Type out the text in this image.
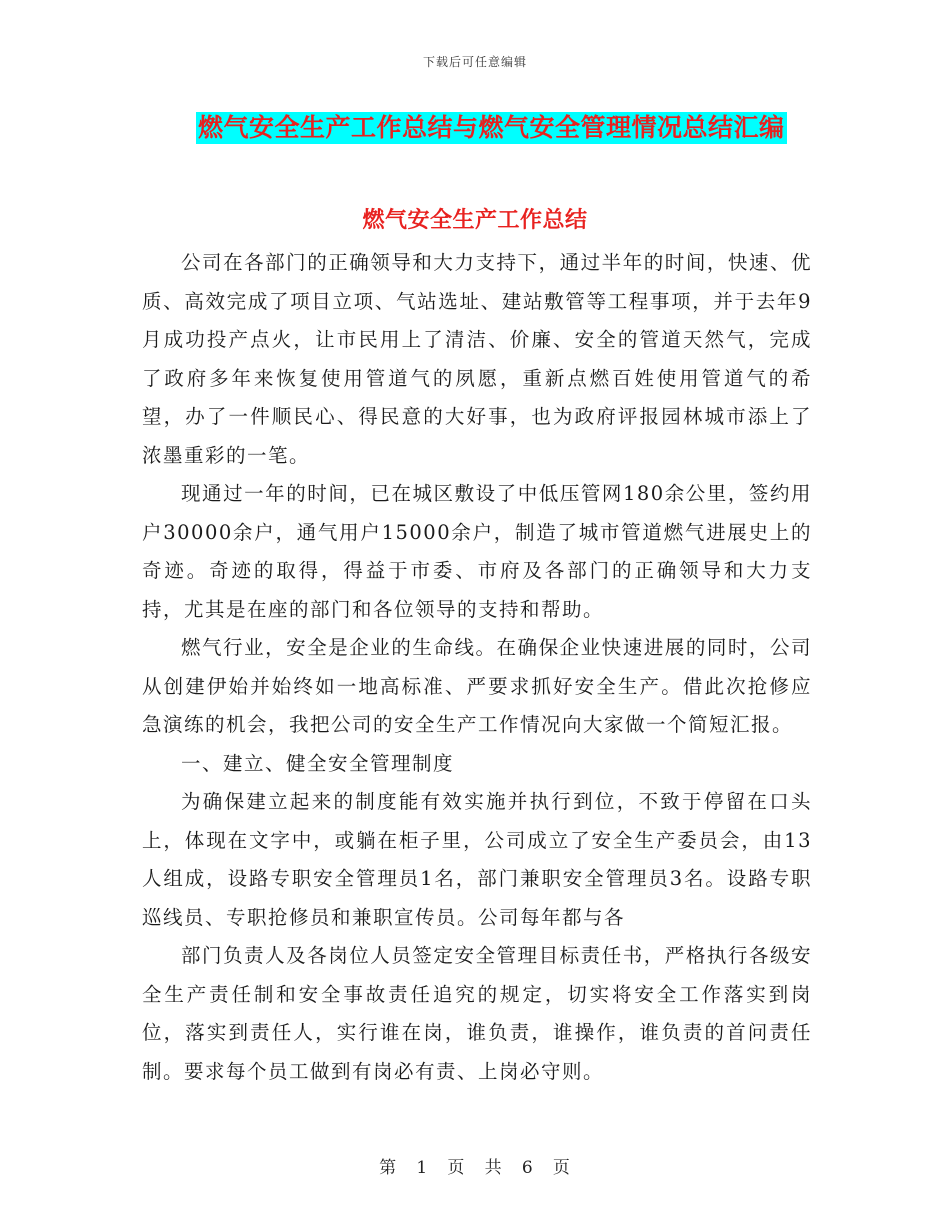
下载后可任意编辑
燃气安全生产工作总结与燃气安全管理情况总结汇编
燃气安全生产工作总结

公司在各部门的正确领导和大力支持下，通过半年的时间，快速、优质、高效完成了项目立项、气站选址、建站敷管等工程事项，并于去年9月成功投产点火，让市民用上了清洁、价廉、安全的管道天然气，完成了政府多年来恢复使用管道气的夙愿，重新点燃百姓使用管道气的希望，办了一件顺民心、得民意的大好事，也为政府评报园林城市添上了浓墨重彩的一笔。

现通过一年的时间，已在城区敷设了中低压管网180余公里，签约用户30000余户，通气用户15000余户，制造了城市管道燃气进展史上的奇迹。奇迹的取得，得益于市委、市府及各部门的正确领导和大力支持，尤其是在座的部门和各位领导的支持和帮助。

燃气行业，安全是企业的生命线。在确保企业快速进展的同时，公司从创建伊始并始终如一地高标准、严要求抓好安全生产。借此次抢修应急演练的机会，我把公司的安全生产工作情况向大家做一个简短汇报。

一、建立、健全安全管理制度

为确保建立起来的制度能有效实施并执行到位，不致于停留在口头上，体现在文字中，或躺在柜子里，公司成立了安全生产委员会，由13人组成，设路专职安全管理员1名，部门兼职安全管理员3名。设路专职巡线员、专职抢修员和兼职宣传员。公司每年都与各

部门负责人及各岗位人员签定安全管理目标责任书，严格执行各级安全生产责任制和安全事故责任追究的规定，切实将安全工作落实到岗位，落实到责任人，实行谁在岗，谁负责，谁操作，谁负责的首问责任制。要求每个员工做到有岗必有责、上岗必守则。

第 1 页 共 6 页
